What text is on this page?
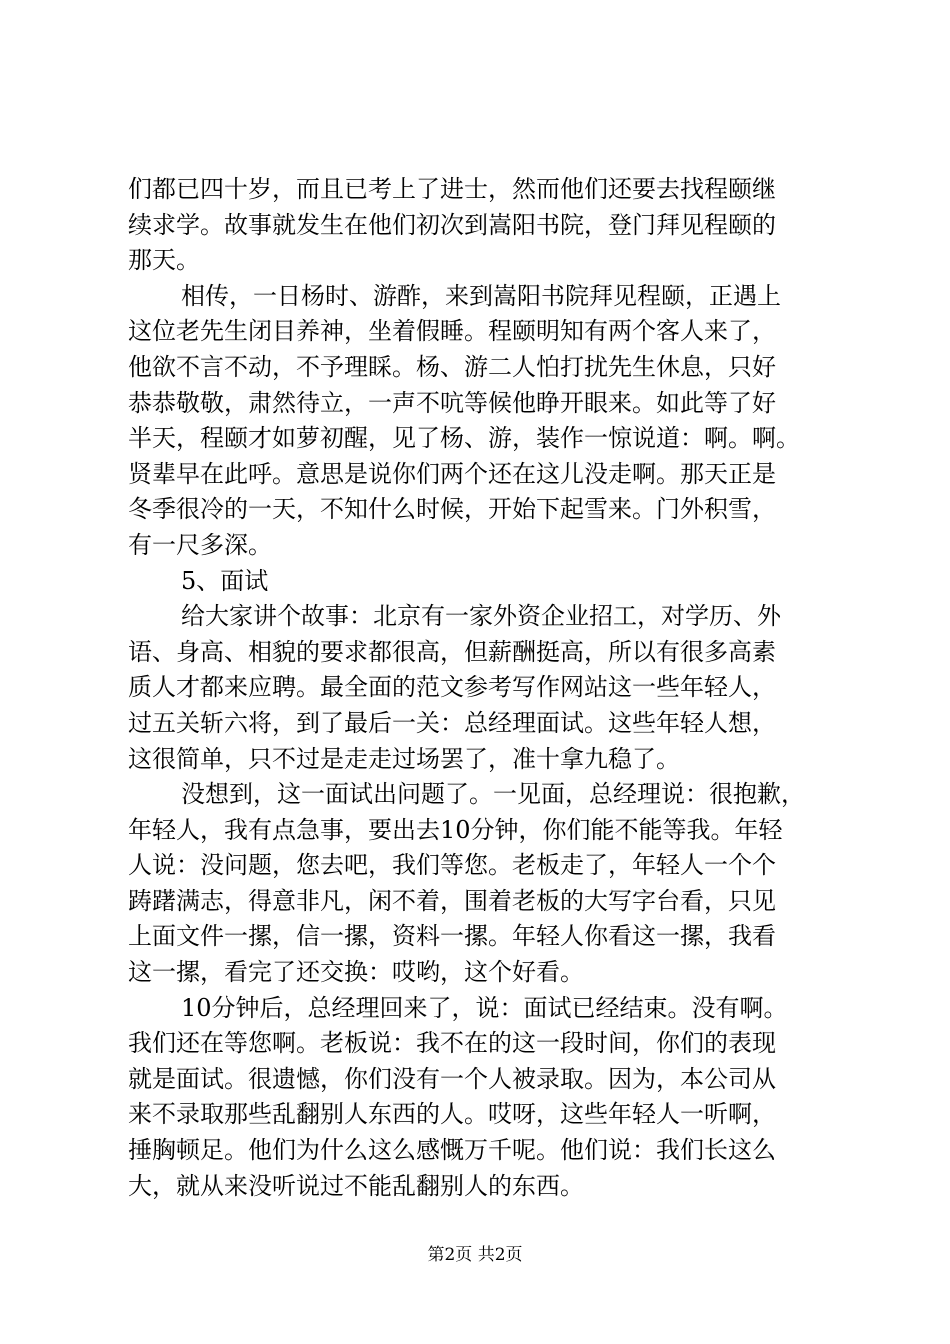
们都已四十岁，而且已考上了进士，然而他们还要去找程颐继
续求学。故事就发生在他们初次到嵩阳书院，登门拜见程颐的
那天。
相传，一日杨时、游酢，来到嵩阳书院拜见程颐，正遇上
这位老先生闭目养神，坐着假睡。程颐明知有两个客人来了，
他欲不言不动，不予理睬。杨、游二人怕打扰先生休息，只好
恭恭敬敬，肃然待立，一声不吭等候他睁开眼来。如此等了好
半天，程颐才如萝初醒，见了杨、游，装作一惊说道：啊。啊。
贤辈早在此呼。意思是说你们两个还在这儿没走啊。那天正是
冬季很冷的一天，不知什么时候，开始下起雪来。门外积雪，
有一尺多深。
5、面试
给大家讲个故事：北京有一家外资企业招工，对学历、外
语、身高、相貌的要求都很高，但薪酬挺高，所以有很多高素
质人才都来应聘。最全面的范文参考写作网站这一些年轻人，
过五关斩六将，到了最后一关：总经理面试。这些年轻人想，
这很简单，只不过是走走过场罢了，准十拿九稳了。
没想到，这一面试出问题了。一见面，总经理说：很抱歉，
年轻人，我有点急事，要出去10分钟，你们能不能等我。年轻
人说：没问题，您去吧，我们等您。老板走了，年轻人一个个
踌躇满志，得意非凡，闲不着，围着老板的大写字台看，只见
上面文件一摞，信一摞，资料一摞。年轻人你看这一摞，我看
这一摞，看完了还交换：哎哟，这个好看。
10分钟后，总经理回来了，说：面试已经结束。没有啊。
我们还在等您啊。老板说：我不在的这一段时间，你们的表现
就是面试。很遗憾，你们没有一个人被录取。因为，本公司从
来不录取那些乱翻别人东西的人。哎呀，这些年轻人一听啊，
捶胸顿足。他们为什么这么感慨万千呢。他们说：我们长这么
大，就从来没听说过不能乱翻别人的东西。
第2页 共2页
